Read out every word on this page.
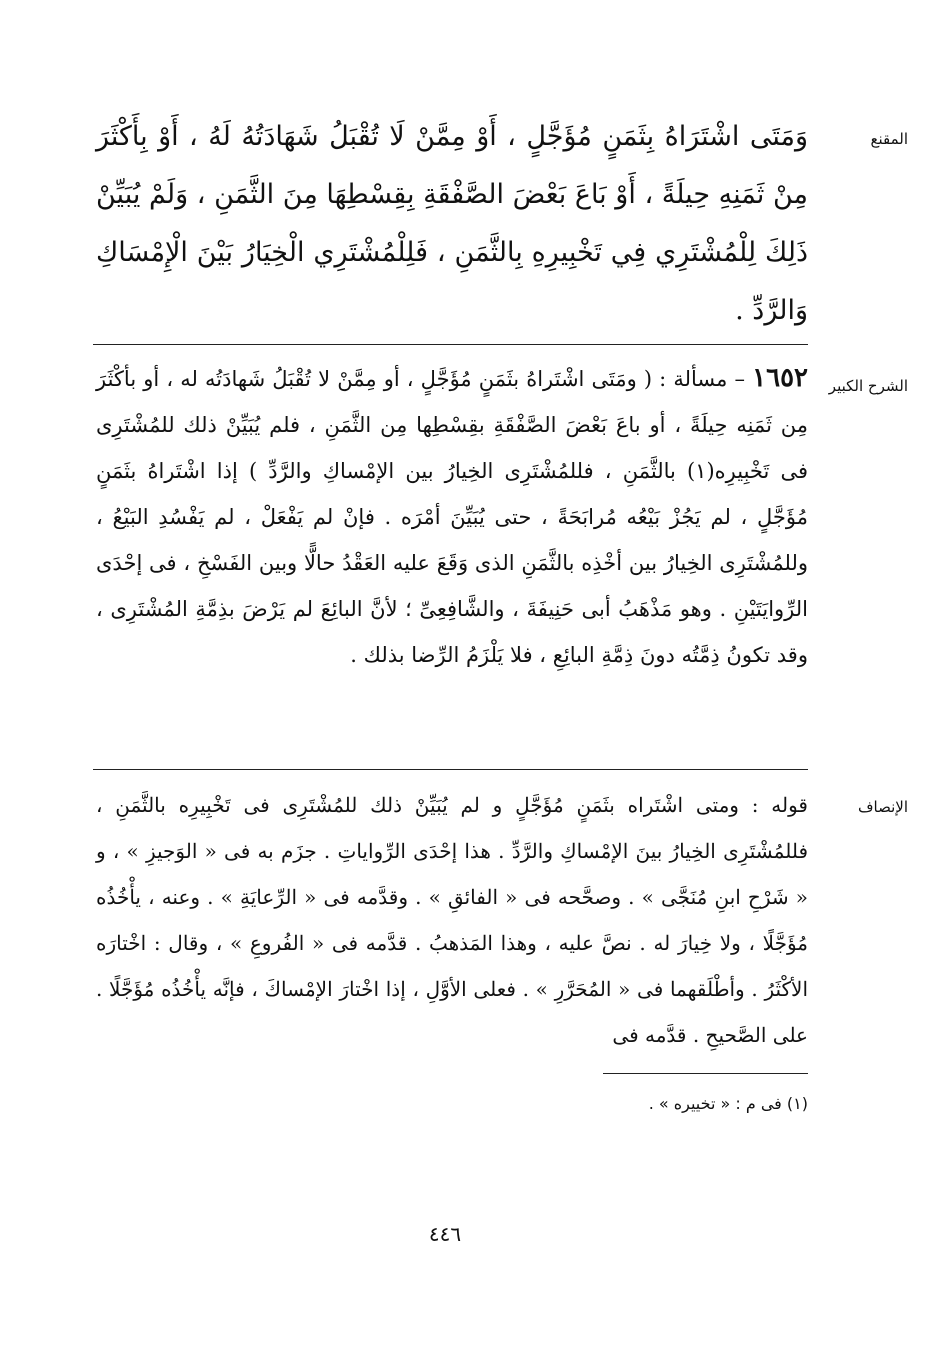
المقنع
وَمَتَى اشْتَرَاهُ بِثَمَنٍ مُؤَجَّلٍ ، أَوْ مِمَّنْ لَا تُقْبَلُ شَهَادَتُهُ لَهُ ، أَوْ بِأَكْثَرَ مِنْ ثَمَنِهِ حِيلَةً ، أَوْ بَاعَ بَعْضَ الصَّفْقَةِ بِقِسْطِهَا مِنَ الثَّمَنِ ، وَلَمْ يُبَيِّنْ ذَلِكَ لِلْمُشْتَرِي فِي تَخْبِيرِهِ بِالثَّمَنِ ، فَلِلْمُشْتَرِي الْخِيَارُ بَيْنَ الْإِمْسَاكِ وَالرَّدِّ .
الشرح الكبير
١٦٥٢ – مسألة : ( ومَتَى اشْتَراهُ بثَمَنٍ مُؤَجَّلٍ ، أو مِمَّنْ لا تُقْبَلُ شَهادَتُه له ، أو بأكْثَرَ مِن ثَمَنِه حِيلَةً ، أو باعَ بَعْضَ الصَّفْقَةِ بقِسْطِها مِن الثَّمَنِ ، فلم يُبَيِّنْ ذلك للمُشْتَرِى فى تَخْبِيرِه(١) بالثَّمَنِ ، فللمُشْتَرِى الخِيارُ بين الإمْساكِ والرَّدِّ ) إذا اشْتَراهُ بثَمَنٍ مُؤَجَّلٍ ، لم يَجُزْ بَيْعُه مُرابَحَةً ، حتى يُبَيِّنَ أمْرَه . فإنْ لم يَفْعَلْ ، لم يَفْسُدِ البَيْعُ ، وللمُشْتَرِى الخِيارُ بين أخْذِه بالثَّمَنِ الذى وَقَعَ عليه العَقْدُ حالًّا وبين الفَسْخِ ، فى إحْدَى الرِّوايَتَيْنِ . وهو مَذْهَبُ أبى حَنِيفَةَ ، والشَّافِعِىِّ ؛ لأنَّ البائِعَ لم يَرْضَ بذِمَّةِ المُشْتَرِى ، وقد تكونُ ذِمَّتُه دونَ ذِمَّةِ البائِعِ ، فلا يَلْزَمُ الرِّضا بذلك .
الإنصاف
قوله : ومتى اشْتَراه بثَمَنٍ مُؤَجَّلٍ و لم يُبَيِّنْ ذلك للمُشْتَرِى فى تَخْبِيرِه بالثَّمَنِ ، فللمُشْتَرِى الخِيارُ بينَ الإمْساكِ والرَّدِّ . هذا إحْدَى الرِّواياتِ . جزَم به فى « الوَجيزِ » ، و « شَرْحِ ابنِ مُنَجَّى » . وصحَّحه فى « الفائقِ » . وقدَّمه فى « الرِّعايَةِ » . وعنه ، يأْخُذُه مُؤَجَّلًا ، ولا خِيارَ له . نصَّ عليه ، وهذا المَذهبُ . قدَّمه فى « الفُروعِ » ، وقال : اخْتارَه الأكْثَرُ . وأطْلَقهما فى « المُحَرَّرِ » . فعلى الأوَّلِ ، إذا اخْتارَ الإمْساكَ ، فإنَّه يأْخُذُه مُؤَجَّلًا . على الصَّحيحِ . قدَّمه فى
(١) فى م : « تخييره » .
٤٤٦
